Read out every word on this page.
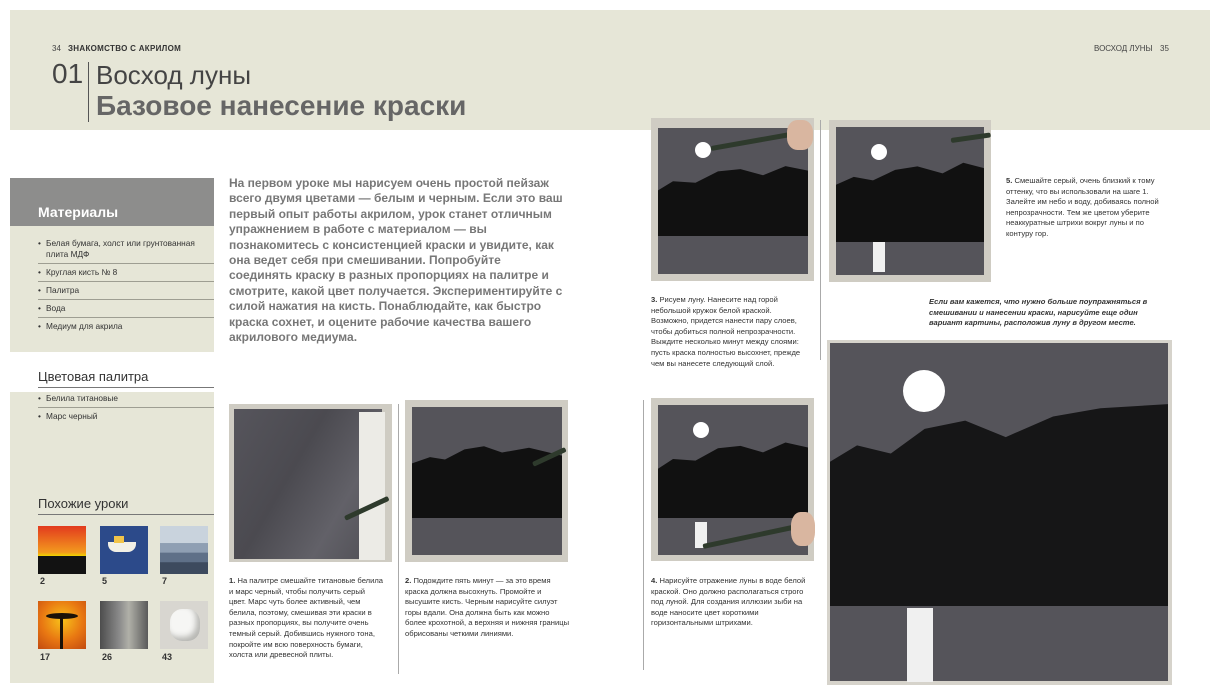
34 ЗНАКОМСТВО С АКРИЛОМ	ВОСХОД ЛУНЫ 35
01 Восход луны
Базовое нанесение краски
Материалы
• Белая бумага, холст или грунтованная плита МДФ
• Круглая кисть № 8
• Палитра
• Вода
• Медиум для акрила
Цветовая палитра
• Белила титановые
• Марс черный
Похожие уроки
2	5	7
17	26	43
На первом уроке мы нарисуем очень простой пейзаж всего двумя цветами — белым и черным. Если это ваш первый опыт работы акрилом, урок станет отличным упражнением в работе с материалом — вы познакомитесь с консистенцией краски и увидите, как она ведет себя при смешивании. Попробуйте соединять краску в разных пропорциях на палитре и смотрите, какой цвет получается. Экспериментируйте с силой нажатия на кисть. Понаблюдайте, как быстро краска сохнет, и оцените рабочие качества вашего акрилового медиума.
1. На палитре смешайте титановые белила и марс черный, чтобы получить серый цвет. Марс чуть более активный, чем белила, поэтому, смешивая эти краски в разных пропорциях, вы получите очень темный серый. Добившись нужного тона, покройте им всю поверхность бумаги, холста или древесной плиты.
2. Подождите пять минут — за это время краска должна высохнуть. Промойте и высушите кисть. Черным нарисуйте силуэт горы вдали. Она должна быть как можно более крохотной, а верхняя и нижняя границы обрисованы четкими линиями.
3. Рисуем луну. Нанесите над горой небольшой кружок белой краской. Возможно, придется нанести пару слоев, чтобы добиться полной непрозрачности. Выждите несколько минут между слоями: пусть краска полностью высохнет, прежде чем вы нанесете следующий слой.
4. Нарисуйте отражение луны в воде белой краской. Оно должно располагаться строго под луной. Для создания иллюзии зыби на воде наносите цвет короткими горизонтальными штрихами.
5. Смешайте серый, очень близкий к тому оттенку, что вы использовали на шаге 1. Залейте им небо и воду, добиваясь полной непрозрачности. Тем же цветом уберите неаккуратные штрихи вокруг луны и по контуру гор.
Если вам кажется, что нужно больше поупражняться в смешивании и нанесении краски, нарисуйте еще один вариант картины, расположив луну в другом месте.
